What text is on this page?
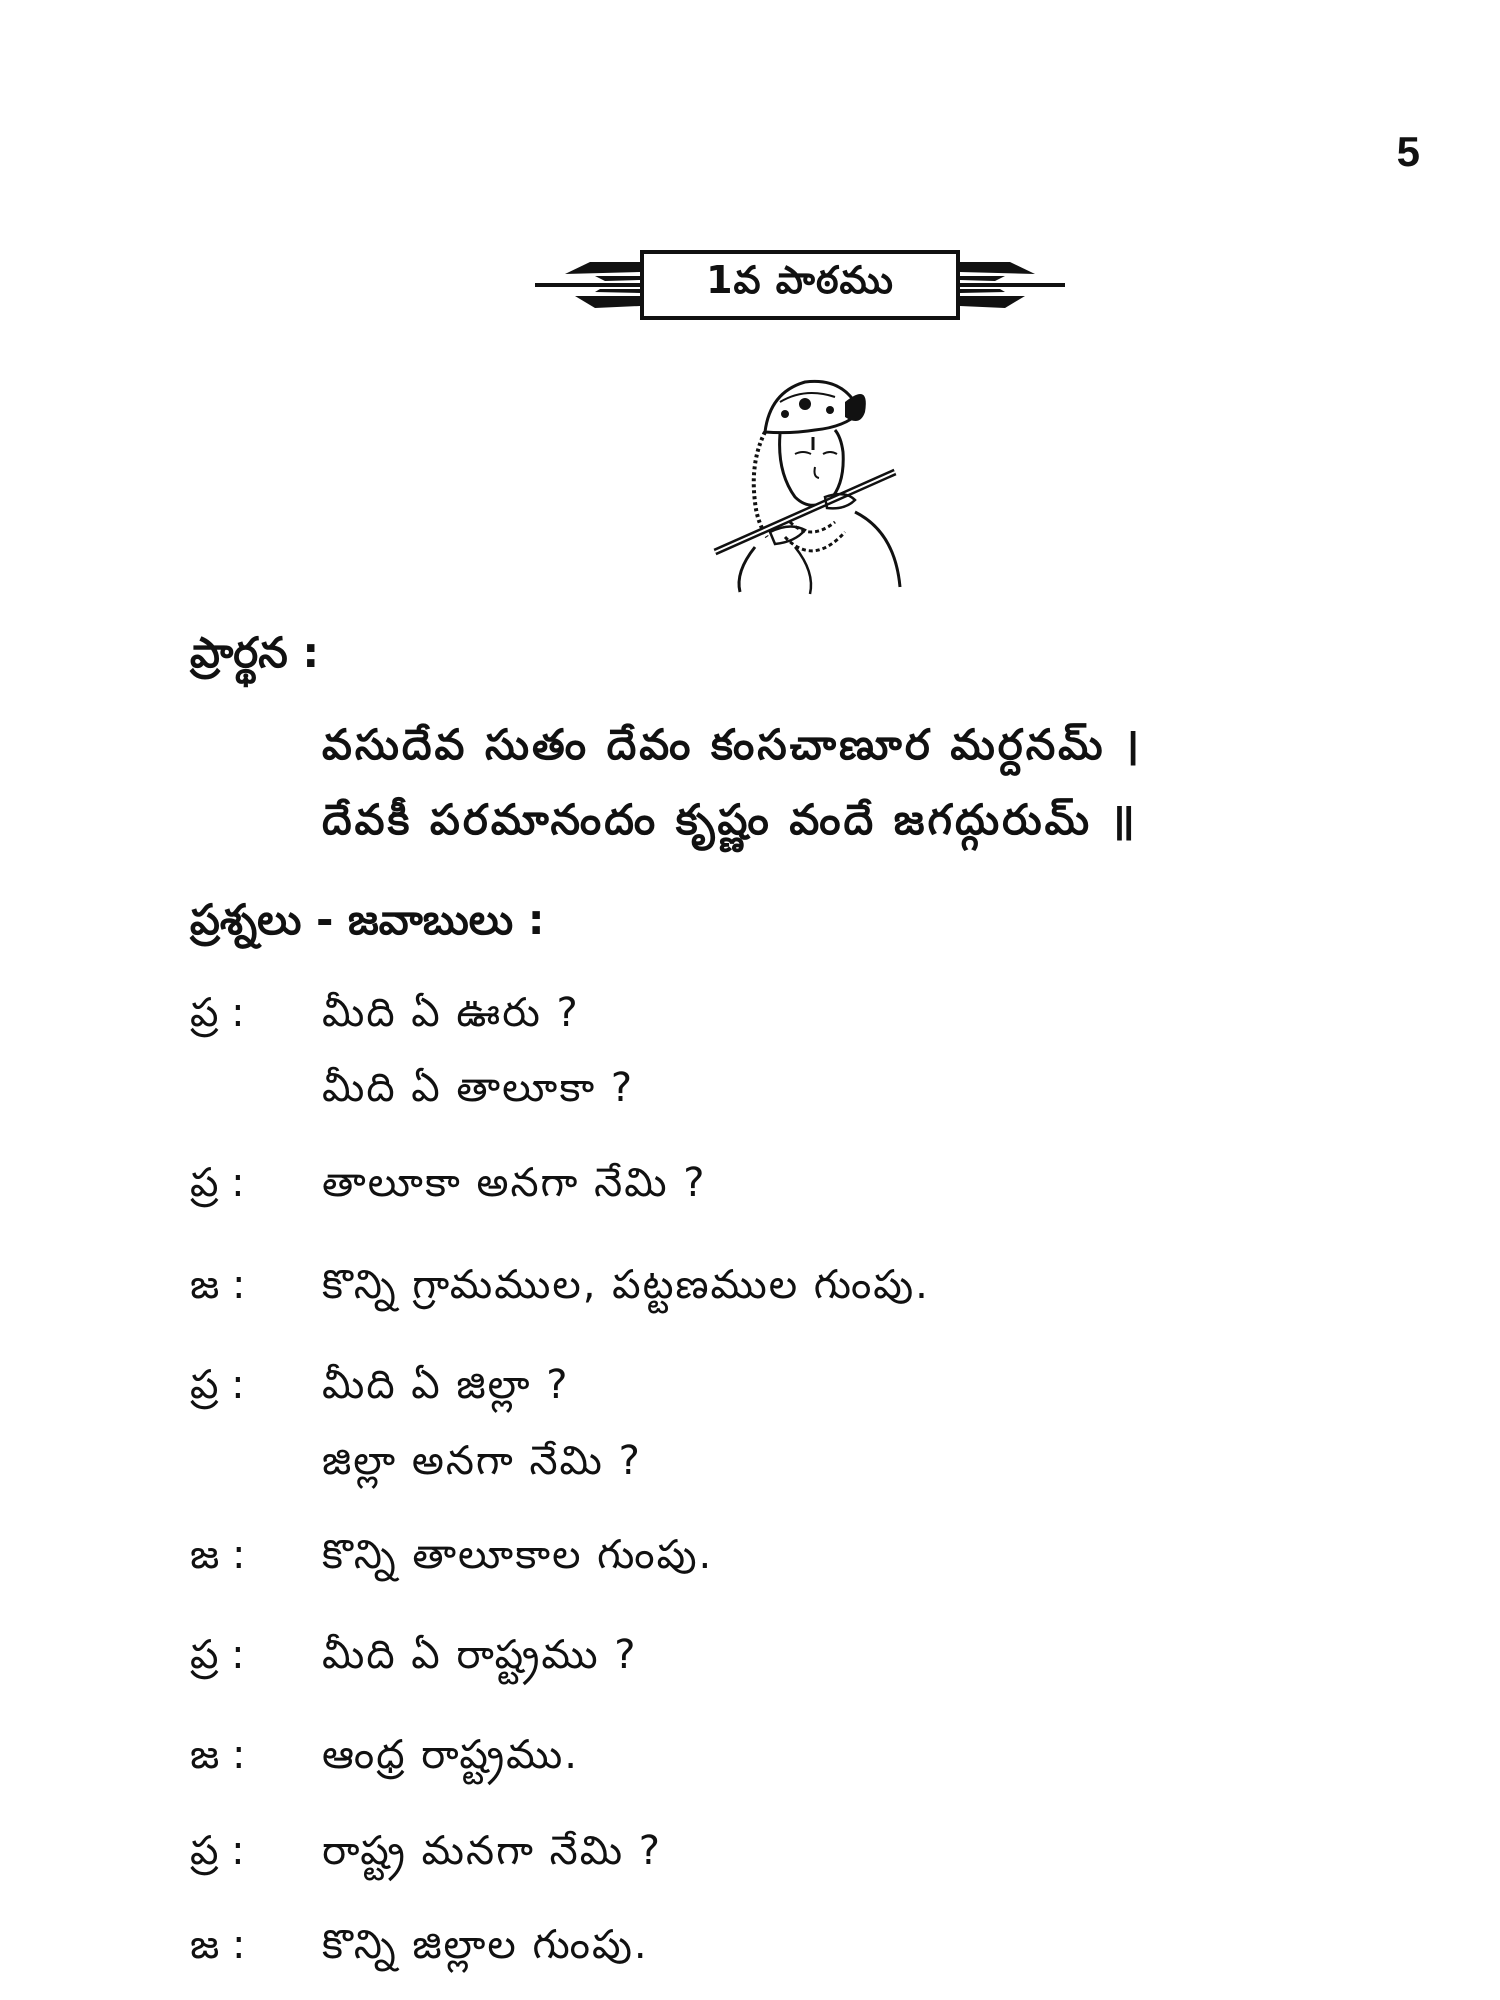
5
1వ పాఠము
ప్రార్థన :
వసుదేవ సుతం దేవం కంసచాణూర మర్దనమ్ ।
దేవకీ పరమానందం కృష్ణం వందే జగద్గురుమ్ ॥
ప్రశ్నలు - జవాబులు :
ప్ర :	మీది ఏ ఊరు ?
మీది ఏ తాలూకా ?
ప్ర :	తాలూకా అనగా నేమి ?
జ :	కొన్ని గ్రామముల, పట్టణముల గుంపు.
ప్ర :	మీది ఏ జిల్లా ?
జిల్లా అనగా నేమి ?
జ :	కొన్ని తాలూకాల గుంపు.
ప్ర :	మీది ఏ రాష్ట్రము ?
జ :	ఆంధ్ర రాష్ట్రము.
ప్ర :	రాష్ట్ర మనగా నేమి ?
జ :	కొన్ని జిల్లాల గుంపు.
